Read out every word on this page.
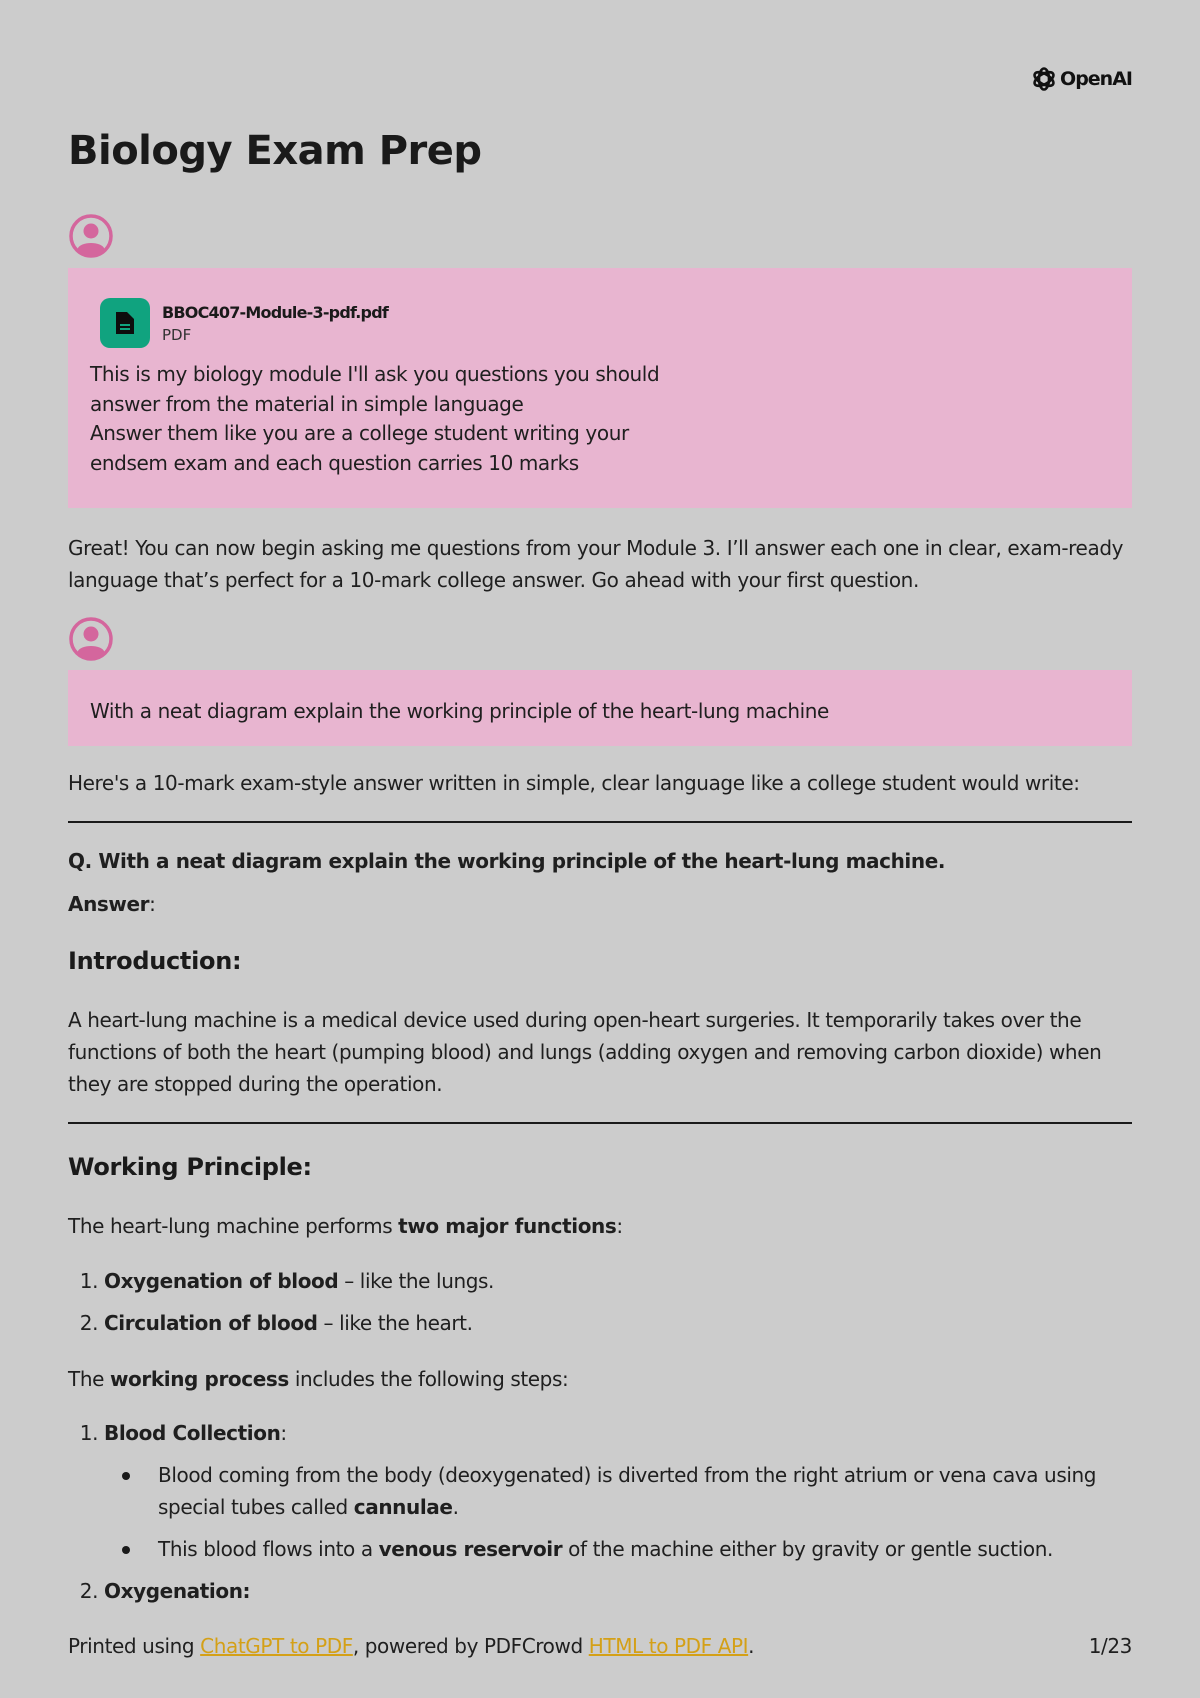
OpenAI
Biology Exam Prep
BBOC407-Module-3-pdf.pdf
PDF
This is my biology module I'll ask you questions you should
answer from the material in simple language
Answer them like you are a college student writing your
endsem exam and each question carries 10 marks

Great! You can now begin asking me questions from your Module 3. I’ll answer each one in clear, exam-ready language that’s perfect for a 10-mark college answer. Go ahead with your first question.

With a neat diagram explain the working principle of the heart-lung machine

Here's a 10-mark exam-style answer written in simple, clear language like a college student would write:

Q. With a neat diagram explain the working principle of the heart-lung machine.

Answer:

Introduction:

A heart-lung machine is a medical device used during open-heart surgeries. It temporarily takes over the functions of both the heart (pumping blood) and lungs (adding oxygen and removing carbon dioxide) when they are stopped during the operation.

Working Principle:

The heart-lung machine performs two major functions:

1. Oxygenation of blood – like the lungs.
2. Circulation of blood – like the heart.

The working process includes the following steps:

1. Blood Collection:
Blood coming from the body (deoxygenated) is diverted from the right atrium or vena cava using special tubes called cannulae.
This blood flows into a venous reservoir of the machine either by gravity or gentle suction.
2. Oxygenation:
Printed using ChatGPT to PDF, powered by PDFCrowd HTML to PDF API.	1/23
